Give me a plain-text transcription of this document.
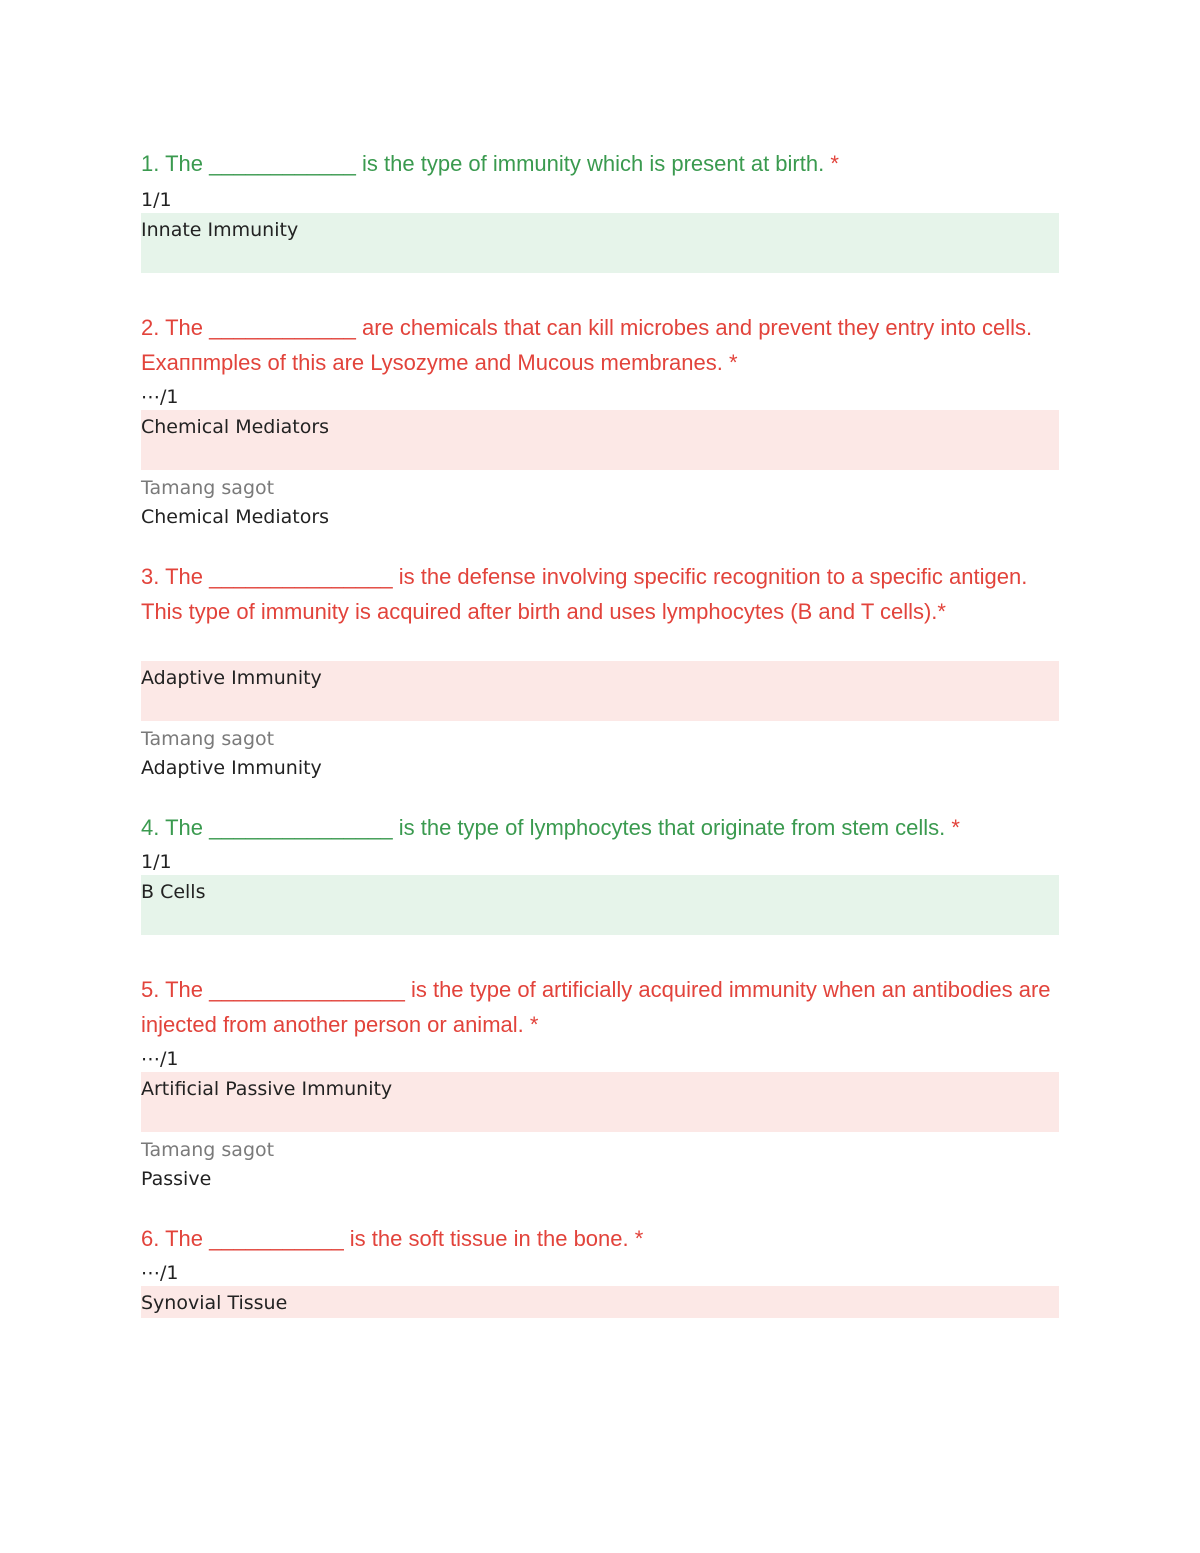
1. The ____________ is the type of immunity which is present at birth. *

1/1
Innate Immunity

2. The ____________ are chemicals that can kill microbes and prevent they entry into cells. Exaппmples of this are Lysozyme and Mucous membranes. *

⋯/1
Chemical Mediators
Tamang sagot
Chemical Mediators

3. The _______________ is the defense involving specific recognition to a specific antigen. This type of immunity is acquired after birth and uses lymphocytes (B and T cells).*

Adaptive Immunity
Tamang sagot
Adaptive Immunity

4. The _______________ is the type of lymphocytes that originate from stem cells. *

1/1
B Cells

5. The ________________ is the type of artificially acquired immunity when an antibodies are injected from another person or animal. *

⋯/1
Artificial Passive Immunity
Tamang sagot
Passive

6. The ___________ is the soft tissue in the bone. *

⋯/1
Synovial Tissue
